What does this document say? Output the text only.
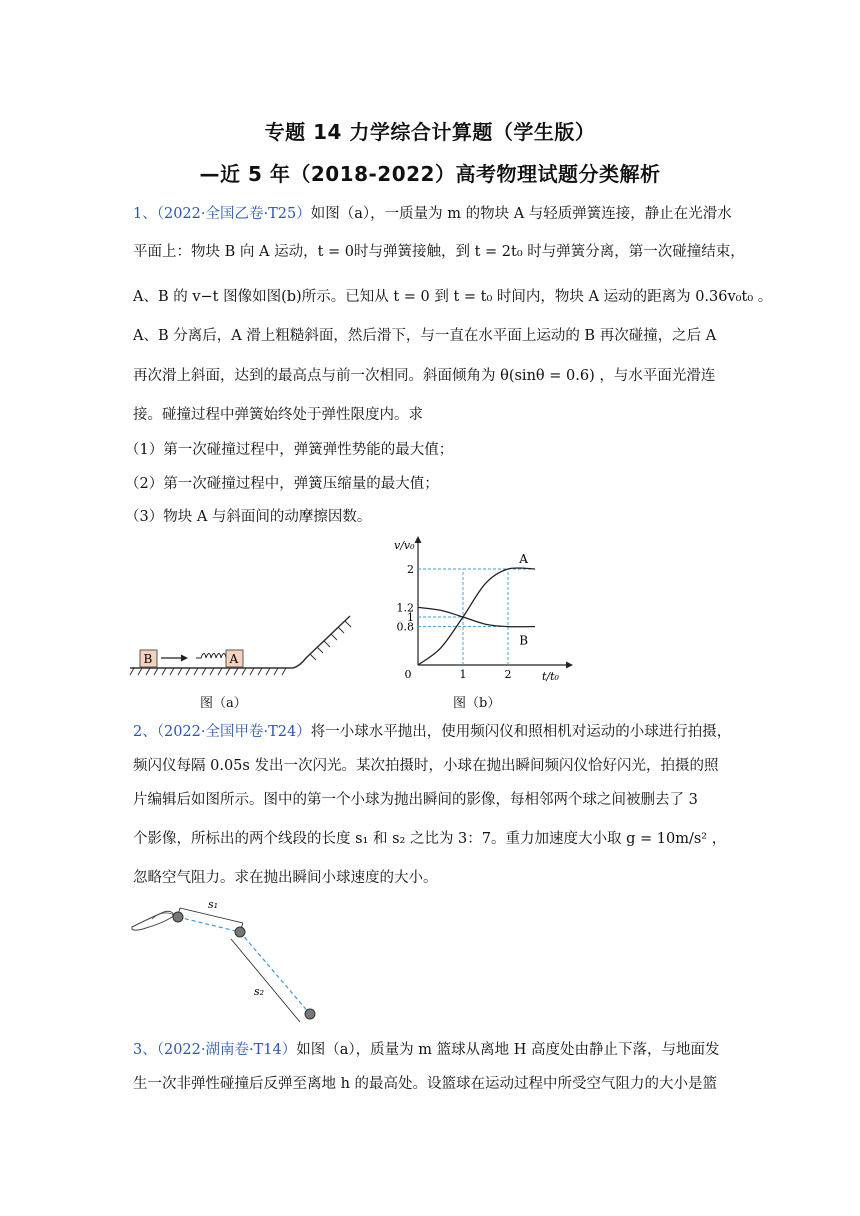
专题 14 力学综合计算题（学生版）
—近 5 年（2018-2022）高考物理试题分类解析
1、（2022·全国乙卷·T25）如图（a），一质量为 m 的物块 A 与轻质弹簧连接，静止在光滑水
平面上：物块 B 向 A 运动，t = 0时与弹簧接触，到 t = 2t₀ 时与弹簧分离，第一次碰撞结束，
A、B 的 v−t 图像如图(b)所示。已知从 t = 0 到 t = t₀ 时间内，物块 A 运动的距离为 0.36v₀t₀ 。
A、B 分离后，A 滑上粗糙斜面，然后滑下，与一直在水平面上运动的 B 再次碰撞，之后 A
再次滑上斜面，达到的最高点与前一次相同。斜面倾角为 θ(sinθ = 0.6) ，与水平面光滑连
接。碰撞过程中弹簧始终处于弹性限度内。求
（1）第一次碰撞过程中，弹簧弹性势能的最大值；
（2）第一次碰撞过程中，弹簧压缩量的最大值；
（3）物块 A 与斜面间的动摩擦因数。
B	A
图（a）
v/v₀
t/t₀
2
1.2
1
0.8
0	1	2
A
B
图（b）
2、（2022·全国甲卷·T24）将一小球水平抛出，使用频闪仪和照相机对运动的小球进行拍摄，
频闪仪每隔 0.05s 发出一次闪光。某次拍摄时，小球在抛出瞬间频闪仪恰好闪光，拍摄的照
片编辑后如图所示。图中的第一个小球为抛出瞬间的影像，每相邻两个球之间被删去了 3
个影像，所标出的两个线段的长度 s₁ 和 s₂ 之比为 3：7。重力加速度大小取 g = 10m/s² ，
忽略空气阻力。求在抛出瞬间小球速度的大小。
s₁
s₂
3、（2022·湖南卷·T14）如图（a），质量为 m 篮球从离地 H 高度处由静止下落，与地面发
生一次非弹性碰撞后反弹至离地 h 的最高处。设篮球在运动过程中所受空气阻力的大小是篮
